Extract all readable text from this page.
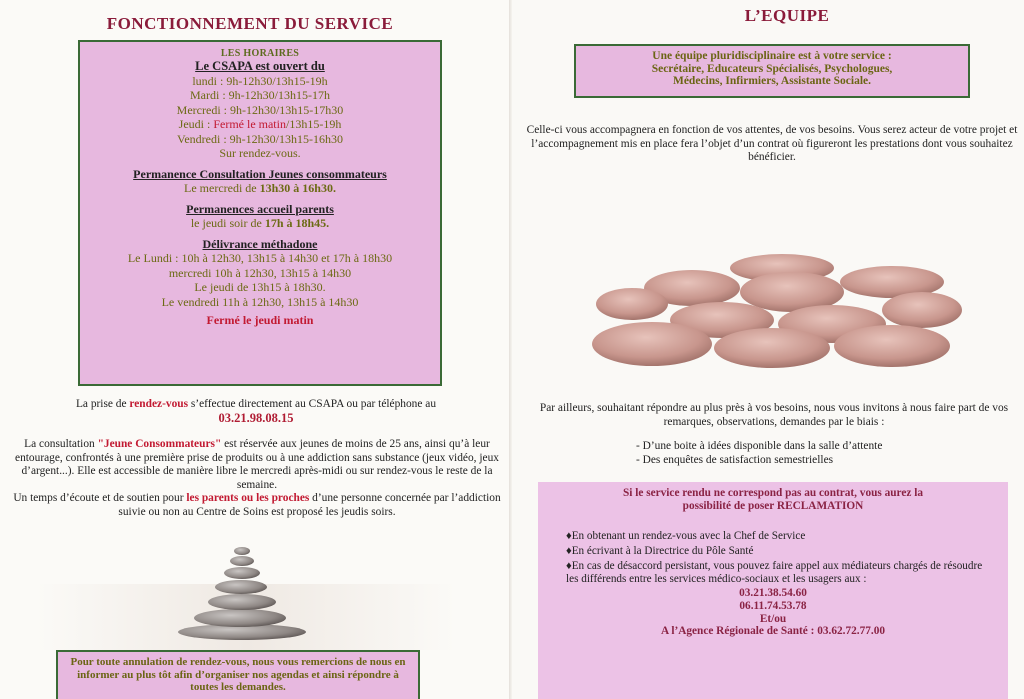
FONCTIONNEMENT DU SERVICE
LES HORAIRES
Le CSAPA est ouvert du
lundi : 9h-12h30/13h15-19h
Mardi : 9h-12h30/13h15-17h
Mercredi : 9h-12h30/13h15-17h30
Jeudi : Fermé le matin/13h15-19h
Vendredi : 9h-12h30/13h15-16h30
Sur rendez-vous.
Permanence Consultation Jeunes consommateurs
Le mercredi de 13h30 à 16h30.
Permanences accueil parents
le jeudi soir de 17h à 18h45.
Délivrance méthadone
Le Lundi : 10h à 12h30, 13h15 à 14h30 et 17h à 18h30
mercredi 10h à 12h30, 13h15 à 14h30
Le jeudi de 13h15 à 18h30.
Le vendredi 11h à 12h30, 13h15 à 14h30
Fermé le jeudi matin
La prise de rendez-vous s’effectue directement au CSAPA ou par téléphone au
03.21.98.08.15
La consultation "Jeune Consommateurs" est réservée aux jeunes de moins de 25 ans, ainsi qu’à leur entourage, confrontés à une première prise de produits ou à une addiction sans substance (jeux vidéo, jeux d’argent...). Elle est accessible de manière libre le mercredi après-midi ou sur rendez-vous le reste de la semaine.
Un temps d’écoute et de soutien pour les parents ou les proches d’une personne concernée par l’addiction suivie ou non au Centre de Soins est proposé les jeudis soirs.
Pour toute annulation de rendez-vous, nous vous remercions de nous en informer au plus tôt afin d’organiser nos agendas et ainsi répondre à toutes les demandes.
L’EQUIPE
Une équipe pluridisciplinaire est à votre service :
Secrétaire, Educateurs Spécialisés, Psychologues,
Médecins, Infirmiers, Assistante Sociale.
Celle-ci vous accompagnera en fonction de vos attentes, de vos besoins. Vous serez acteur de votre projet et l’accompagnement mis en place fera l’objet d’un contrat où figureront les prestations dont vous souhaitez bénéficier.
Par ailleurs, souhaitant répondre au plus près à vos besoins, nous vous invitons à nous faire part de vos remarques, observations, demandes par le biais :
- D’une boite à idées disponible dans la salle d’attente
- Des enquêtes de satisfaction semestrielles
Si le service rendu ne correspond pas au contrat, vous aurez la possibilité de poser RECLAMATION
♦En obtenant un rendez-vous avec la Chef de Service
♦En écrivant à la Directrice du Pôle Santé
♦En cas de désaccord persistant, vous pouvez faire appel aux médiateurs chargés de résoudre les différends entre les services médico-sociaux et les usagers aux :
03.21.38.54.60
06.11.74.53.78
Et/ou
A l’Agence Régionale de Santé : 03.62.72.77.00
